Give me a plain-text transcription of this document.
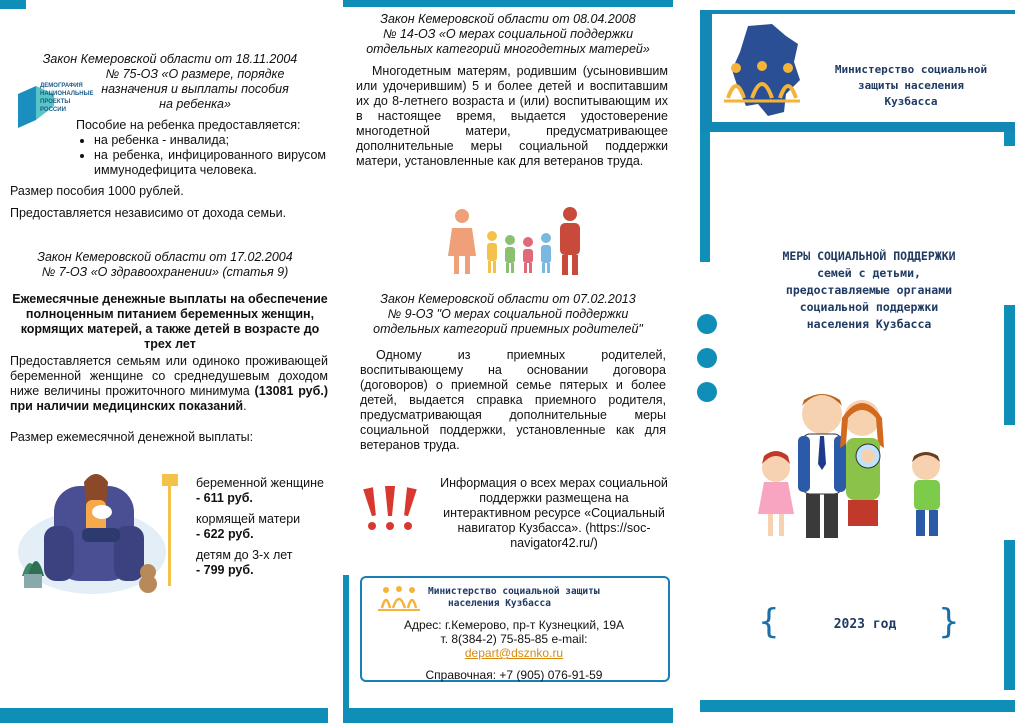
ДЕМОГРАФИЯ
НАЦИОНАЛЬНЫЕ
ПРОЕКТЫ
РОССИИ
Закон Кемеровской области от 18.11.2004
№ 75-ОЗ «О размере, порядке
назначения и выплаты пособия
на ребенка»
Пособие на ребенка предоставляется:
• на ребенка - инвалида;
• на ребенка, инфицированного вирусом иммунодефицита человека.
Размер пособия 1000 рублей.
Предоставляется независимо от дохода семьи.
Закон Кемеровской области от 17.02.2004
№ 7-ОЗ «О здравоохранении» (статья 9)
Ежемесячные денежные выплаты на обеспечение полноценным питанием беременных женщин, кормящих матерей, а также детей в возрасте до трех лет
Предоставляется семьям или одиноко проживающей беременной женщине со среднедушевым доходом ниже величины прожиточного минимума (13081 руб.) при наличии медицинских показаний.
Размер ежемесячной денежной выплаты:
беременной женщине
- 611 руб.
кормящей матери
- 622 руб.
детям до 3-х лет
- 799 руб.
Закон Кемеровской области от 08.04.2008
№ 14-ОЗ «О мерах социальной поддержки
отдельных категорий многодетных матерей»
Многодетным матерям, родившим (усыновившим или удочерившим) 5 и более детей и воспитавшим их до 8-летнего возраста и (или) воспитывающим их в настоящее время, выдается удостоверение многодетной матери, предусматривающее дополнительные меры социальной поддержки матери, установленные как для ветеранов труда.
Закон Кемеровской области от 07.02.2013
№ 9-ОЗ "О мерах социальной поддержки
отдельных категорий приемных родителей"
Одному из приемных родителей, воспитывающему на основании договора (договоров) о приемной семье пятерых и более детей, выдается справка приемного родителя, предусматривающая дополнительные меры социальной поддержки, установленные как для ветеранов труда.
Информация о всех мерах социальной поддержки размещена на интерактивном ресурсе «Социальный навигатор Кузбасса». (https://soc-navigator42.ru/)
Министерство социальной защиты
населения Кузбасса
Адрес: г.Кемерово, пр-т Кузнецкий, 19А
т. 8(384-2) 75-85-85 e-mail:
depart@dsznko.ru
Справочная: +7 (905) 076-91-59
Министерство социальной
защиты населения
Кузбасса
МЕРЫ СОЦИАЛЬНОЙ ПОДДЕРЖКИ
семей с детьми,
предоставляемые органами
социальной поддержки
населения Кузбасса
{	2023 год	}
